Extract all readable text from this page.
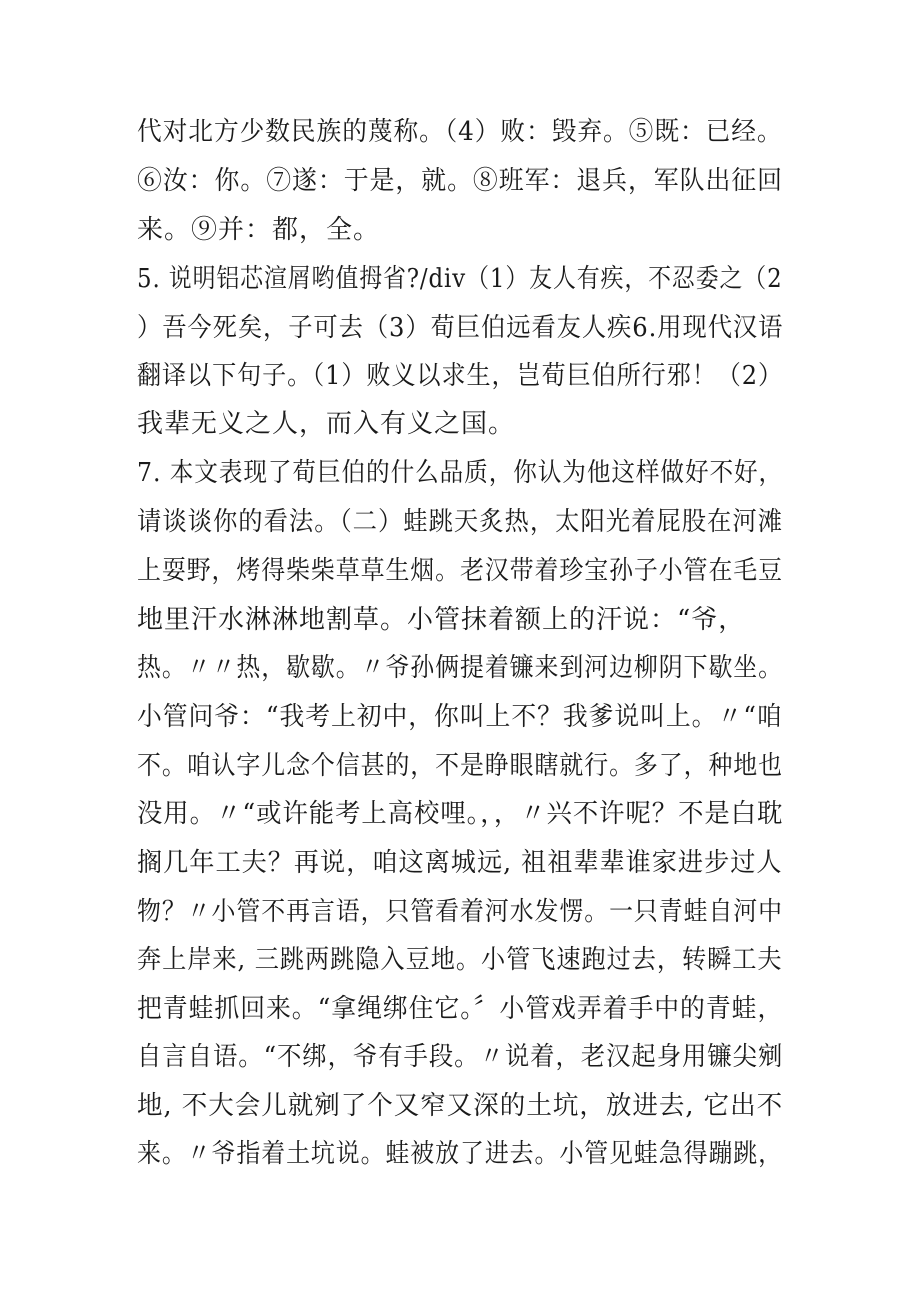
代对北方少数民族的蔑称。（4）败：毁弃。⑤既：已经。
⑥汝：你。⑦遂：于是，就。⑧班军：退兵，军队出征回
来。⑨并：都，全。
5. 说明铝芯渲屑哟值拇省?/div（1）友人有疾，不忍委之（2
）吾今死矣，子可去（3）荀巨伯远看友人疾6.用现代汉语
翻译以下句子。（1）败义以求生，岂荀巨伯所行邪！（2）
我辈无义之人，而入有义之国。
7. 本文表现了荀巨伯的什么品质，你认为他这样做好不好，
请谈谈你的看法。（二）蛙跳天炙热，太阳光着屁股在河滩
上耍野，烤得柴柴草草生烟。老汉带着珍宝孙子小管在毛豆
地里汗水淋淋地割草。小管抹着额上的汗说：“爷，
热。〃〃热，歇歇。〃爷孙俩提着镰来到河边柳阴下歇坐。
小管问爷：“我考上初中，你叫上不？我爹说叫上。〃“咱
不。咱认字儿念个信甚的，不是睁眼瞎就行。多了，种地也
没用。〃“或许能考上高校哩。，，〃兴不许呢？不是白耽
搁几年工夫？再说，咱这离城远, 祖祖辈辈谁家进步过人
物？〃小管不再言语，只管看着河水发愣。一只青蛙自河中
奔上岸来, 三跳两跳隐入豆地。小管飞速跑过去，转瞬工夫
把青蛙抓回来。“拿绳绑住它。〞小管戏弄着手中的青蛙，
自言自语。“不绑，爷有手段。〃说着，老汉起身用镰尖剜
地, 不大会儿就剜了个又窄又深的土坑，放进去, 它出不
来。〃爷指着土坑说。蛙被放了进去。小管见蛙急得蹦跳，
